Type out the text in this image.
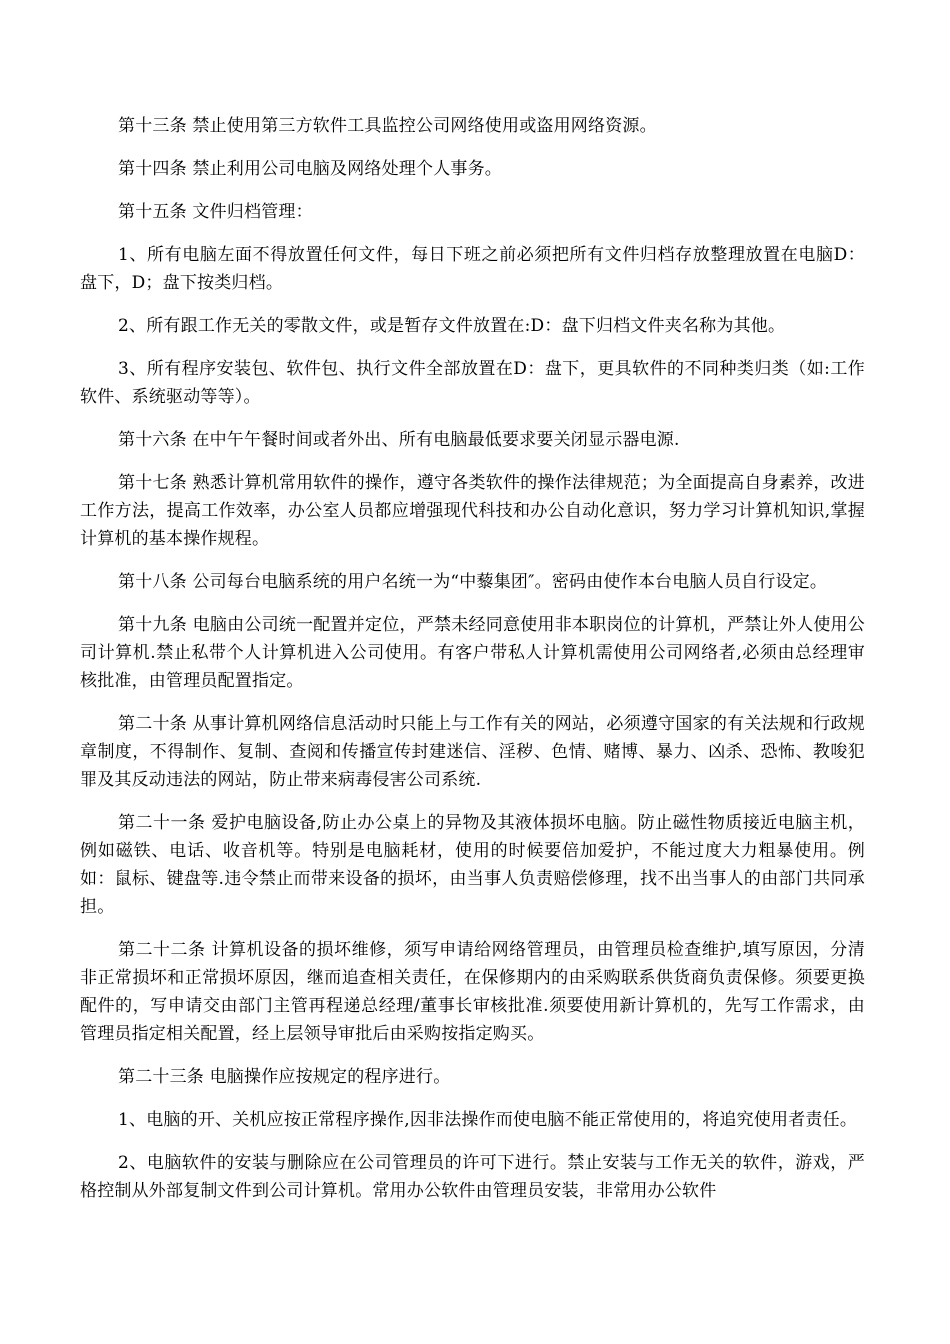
第十三条 禁止使用第三方软件工具监控公司网络使用或盗用网络资源。

第十四条 禁止利用公司电脑及网络处理个人事务。

第十五条 文件归档管理：

1、所有电脑左面不得放置任何文件，每日下班之前必须把所有文件归档存放整理放置在电脑D：盘下，D；盘下按类归档。

2、所有跟工作无关的零散文件，或是暂存文件放置在:D：盘下归档文件夹名称为其他。

3、所有程序安装包、软件包、执行文件全部放置在D：盘下，更具软件的不同种类归类（如:工作软件、系统驱动等等）。

第十六条 在中午午餐时间或者外出、所有电脑最低要求要关闭显示器电源.

第十七条 熟悉计算机常用软件的操作，遵守各类软件的操作法律规范；为全面提高自身素养，改进工作方法，提高工作效率，办公室人员都应增强现代科技和办公自动化意识，努力学习计算机知识,掌握计算机的基本操作规程。

第十八条 公司每台电脑系统的用户名统一为“中藜集团″。密码由使作本台电脑人员自行设定。

第十九条 电脑由公司统一配置并定位，严禁未经同意使用非本职岗位的计算机，严禁让外人使用公司计算机.禁止私带个人计算机进入公司使用。有客户带私人计算机需使用公司网络者,必须由总经理审核批准，由管理员配置指定。

第二十条 从事计算机网络信息活动时只能上与工作有关的网站，必须遵守国家的有关法规和行政规章制度，不得制作、复制、查阅和传播宣传封建迷信、淫秽、色情、赌博、暴力、凶杀、恐怖、教唆犯罪及其反动违法的网站，防止带来病毒侵害公司系统.

第二十一条 爱护电脑设备,防止办公桌上的异物及其液体损坏电脑。防止磁性物质接近电脑主机，例如磁铁、电话、收音机等。特别是电脑耗材，使用的时候要倍加爱护，不能过度大力粗暴使用。例如：鼠标、键盘等.违令禁止而带来设备的损坏，由当事人负责赔偿修理，找不出当事人的由部门共同承担。

第二十二条 计算机设备的损坏维修，须写申请给网络管理员，由管理员检查维护,填写原因，分清非正常损坏和正常损坏原因，继而追查相关责任，在保修期内的由采购联系供货商负责保修。须要更换配件的，写申请交由部门主管再程递总经理/董事长审核批准.须要使用新计算机的，先写工作需求，由管理员指定相关配置，经上层领导审批后由采购按指定购买。

第二十三条 电脑操作应按规定的程序进行。

1、电脑的开、关机应按正常程序操作,因非法操作而使电脑不能正常使用的，将追究使用者责任。

2、电脑软件的安装与删除应在公司管理员的许可下进行。禁止安装与工作无关的软件，游戏，严格控制从外部复制文件到公司计算机。常用办公软件由管理员安装，非常用办公软件
